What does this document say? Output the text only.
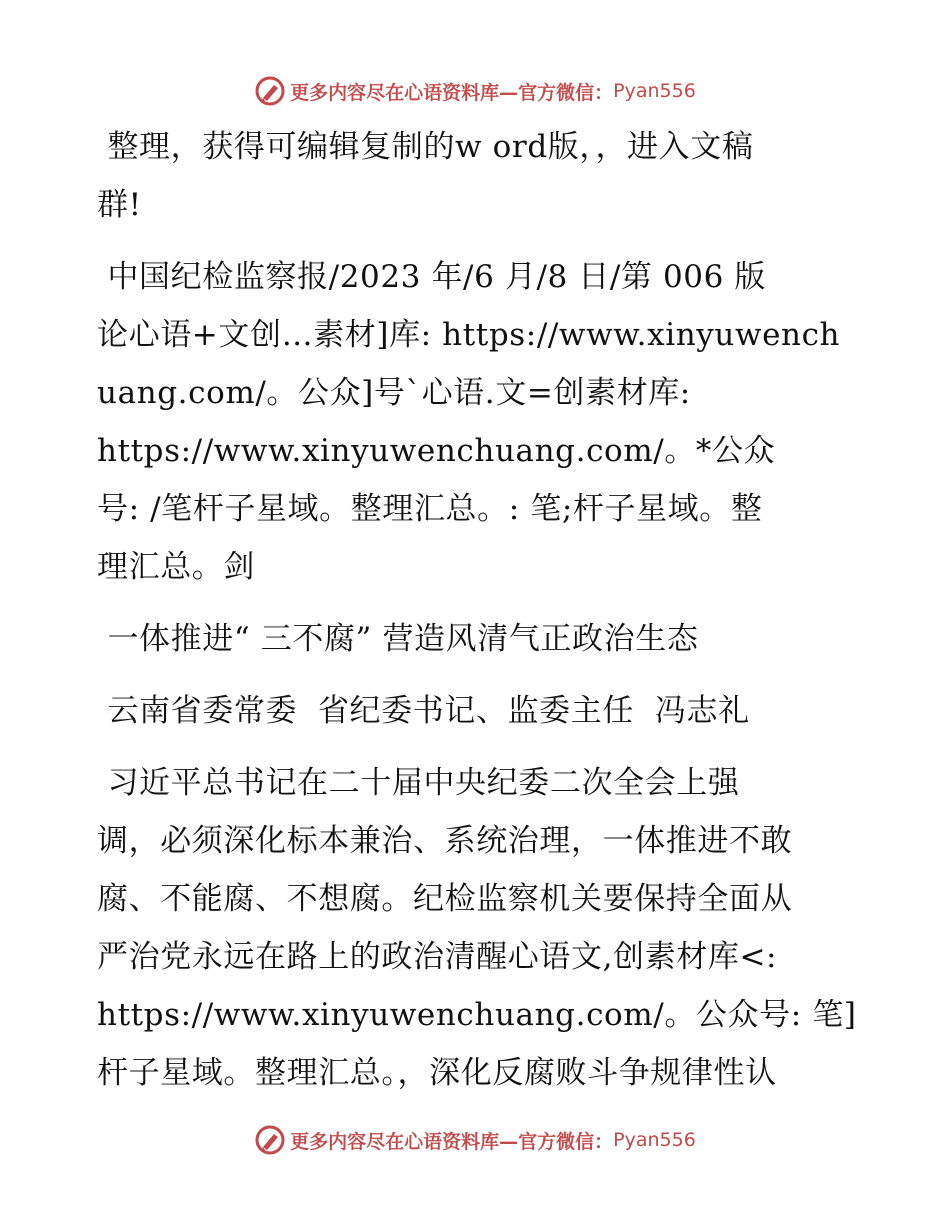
更多内容尽在心语资料库—官方微信： Pyan556
整理，获得可编辑复制的w ord版，，进入文稿
群!
中国纪检监察报/2023 年/6 月/8 日/第 006 版
论心语+文创…素材]库: https://www.xinyuwench
uang.com/。公众]号`心语.文=创素材库:
https://www.xinyuwenchuang.com/。*公众
号: /笔杆子星域。整理汇总。: 笔;杆子星域。整
理汇总。剑
一体推进“ 三不腐” 营造风清气正政治生态
云南省委常委  省纪委书记、监委主任  冯志礼
习近平总书记在二十届中央纪委二次全会上强
调，必须深化标本兼治、系统治理，一体推进不敢
腐、不能腐、不想腐。纪检监察机关要保持全面从
严治党永远在路上的政治清醒心语文,创素材库<:
https://www.xinyuwenchuang.com/。公众号: 笔]
杆子星域。整理汇总。，深化反腐败斗争规律性认
更多内容尽在心语资料库—官方微信： Pyan556
